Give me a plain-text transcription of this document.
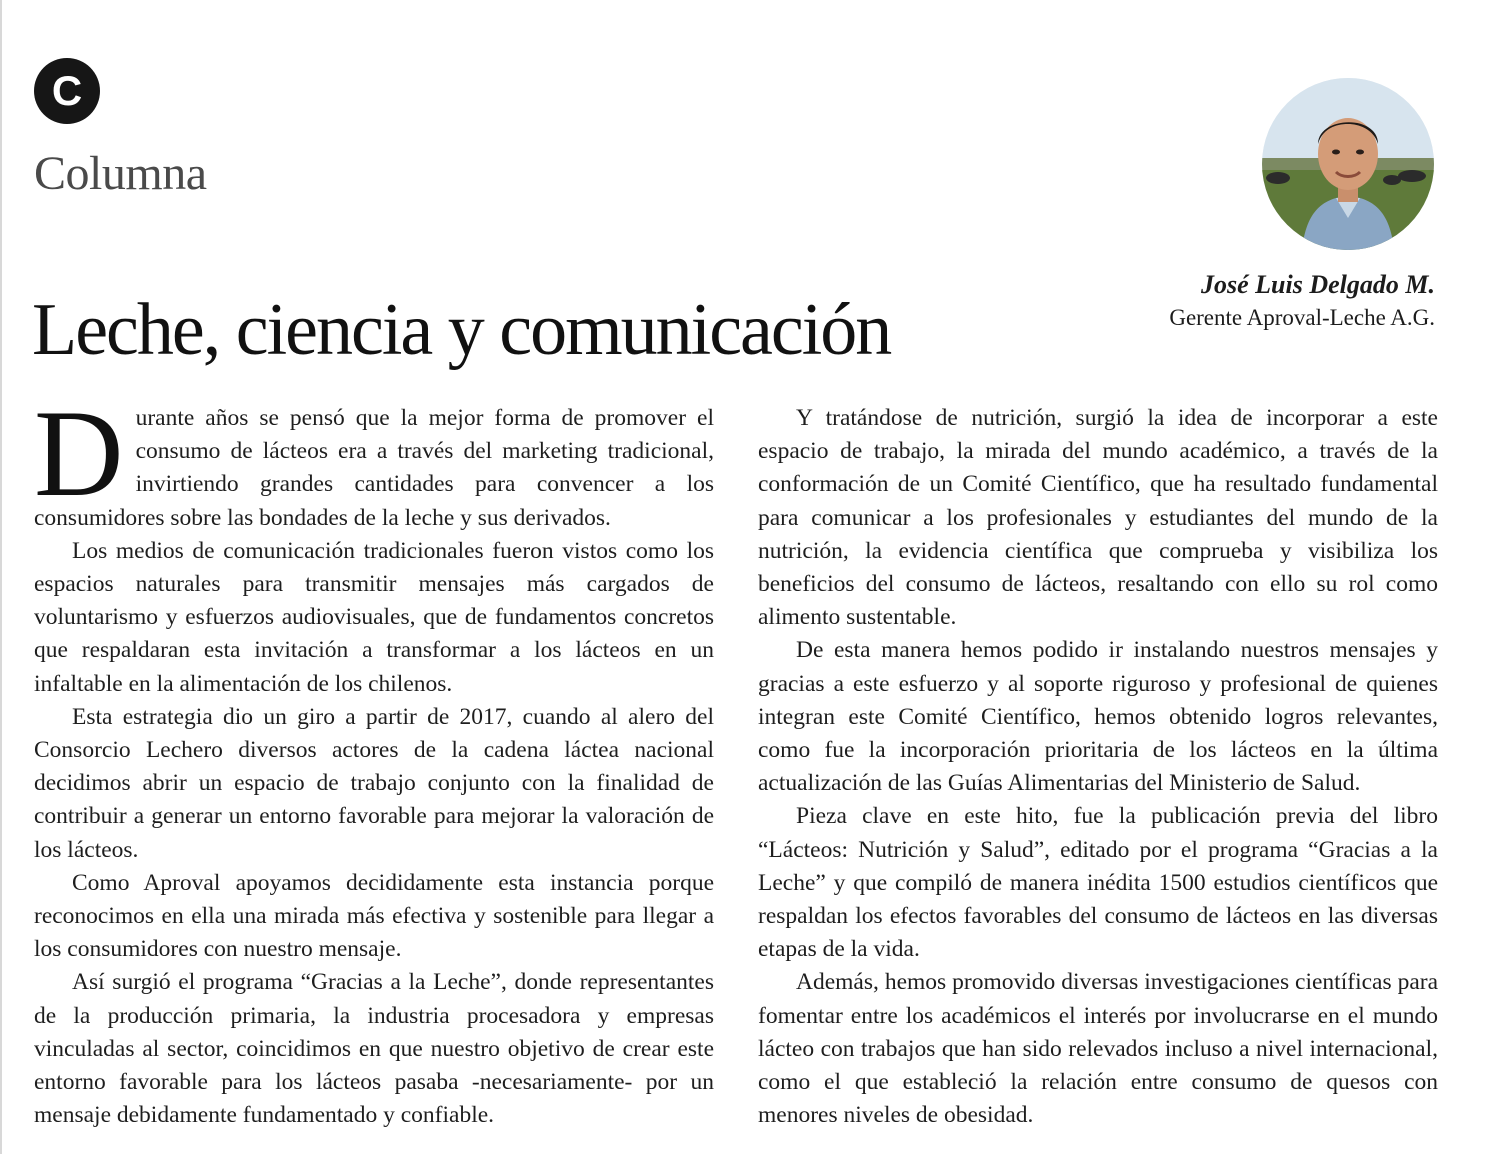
C
Columna
Leche, ciencia y comunicación
José Luis Delgado M.
Gerente Aproval-Leche A.G.

Durante años se pensó que la mejor forma de promover el consumo de lácteos era a través del marketing tradicional, invirtiendo grandes cantidades para convencer a los consumidores sobre las bondades de la leche y sus derivados.

Los medios de comunicación tradicionales fueron vistos como los espacios naturales para transmitir mensajes más cargados de voluntarismo y esfuerzos audiovisuales, que de fundamentos concretos que respaldaran esta invitación a transformar a los lácteos en un infaltable en la alimentación de los chilenos.

Esta estrategia dio un giro a partir de 2017, cuando al alero del Consorcio Lechero diversos actores de la cadena láctea nacional decidimos abrir un espacio de trabajo conjunto con la finalidad de contribuir a generar un entorno favorable para mejorar la valoración de los lácteos.

Como Aproval apoyamos decididamente esta instancia porque reconocimos en ella una mirada más efectiva y sostenible para llegar a los consumidores con nuestro mensaje.

Así surgió el programa “Gracias a la Leche”, donde representantes de la producción primaria, la industria procesadora y empresas vinculadas al sector, coincidimos en que nuestro objetivo de crear este entorno favorable para los lácteos pasaba -necesariamente- por un mensaje debidamente fundamentado y confiable.

Y tratándose de nutrición, surgió la idea de incorporar a este espacio de trabajo, la mirada del mundo académico, a través de la conformación de un Comité Científico, que ha resultado fundamental para comunicar a los profesionales y estudiantes del mundo de la nutrición, la evidencia científica que comprueba y visibiliza los beneficios del consumo de lácteos, resaltando con ello su rol como alimento sustentable.

De esta manera hemos podido ir instalando nuestros mensajes y gracias a este esfuerzo y al soporte riguroso y profesional de quienes integran este Comité Científico, hemos obtenido logros relevantes, como fue la incorporación prioritaria de los lácteos en la última actualización de las Guías Alimentarias del Ministerio de Salud.

Pieza clave en este hito, fue la publicación previa del libro “Lácteos: Nutrición y Salud”, editado por el programa “Gracias a la Leche” y que compiló de manera inédita 1500 estudios científicos que respaldan los efectos favorables del consumo de lácteos en las diversas etapas de la vida.

Además, hemos promovido diversas investigaciones científicas para fomentar entre los académicos el interés por involucrarse en el mundo lácteo con trabajos que han sido relevados incluso a nivel internacional, como el que estableció la relación entre consumo de quesos con menores niveles de obesidad.
